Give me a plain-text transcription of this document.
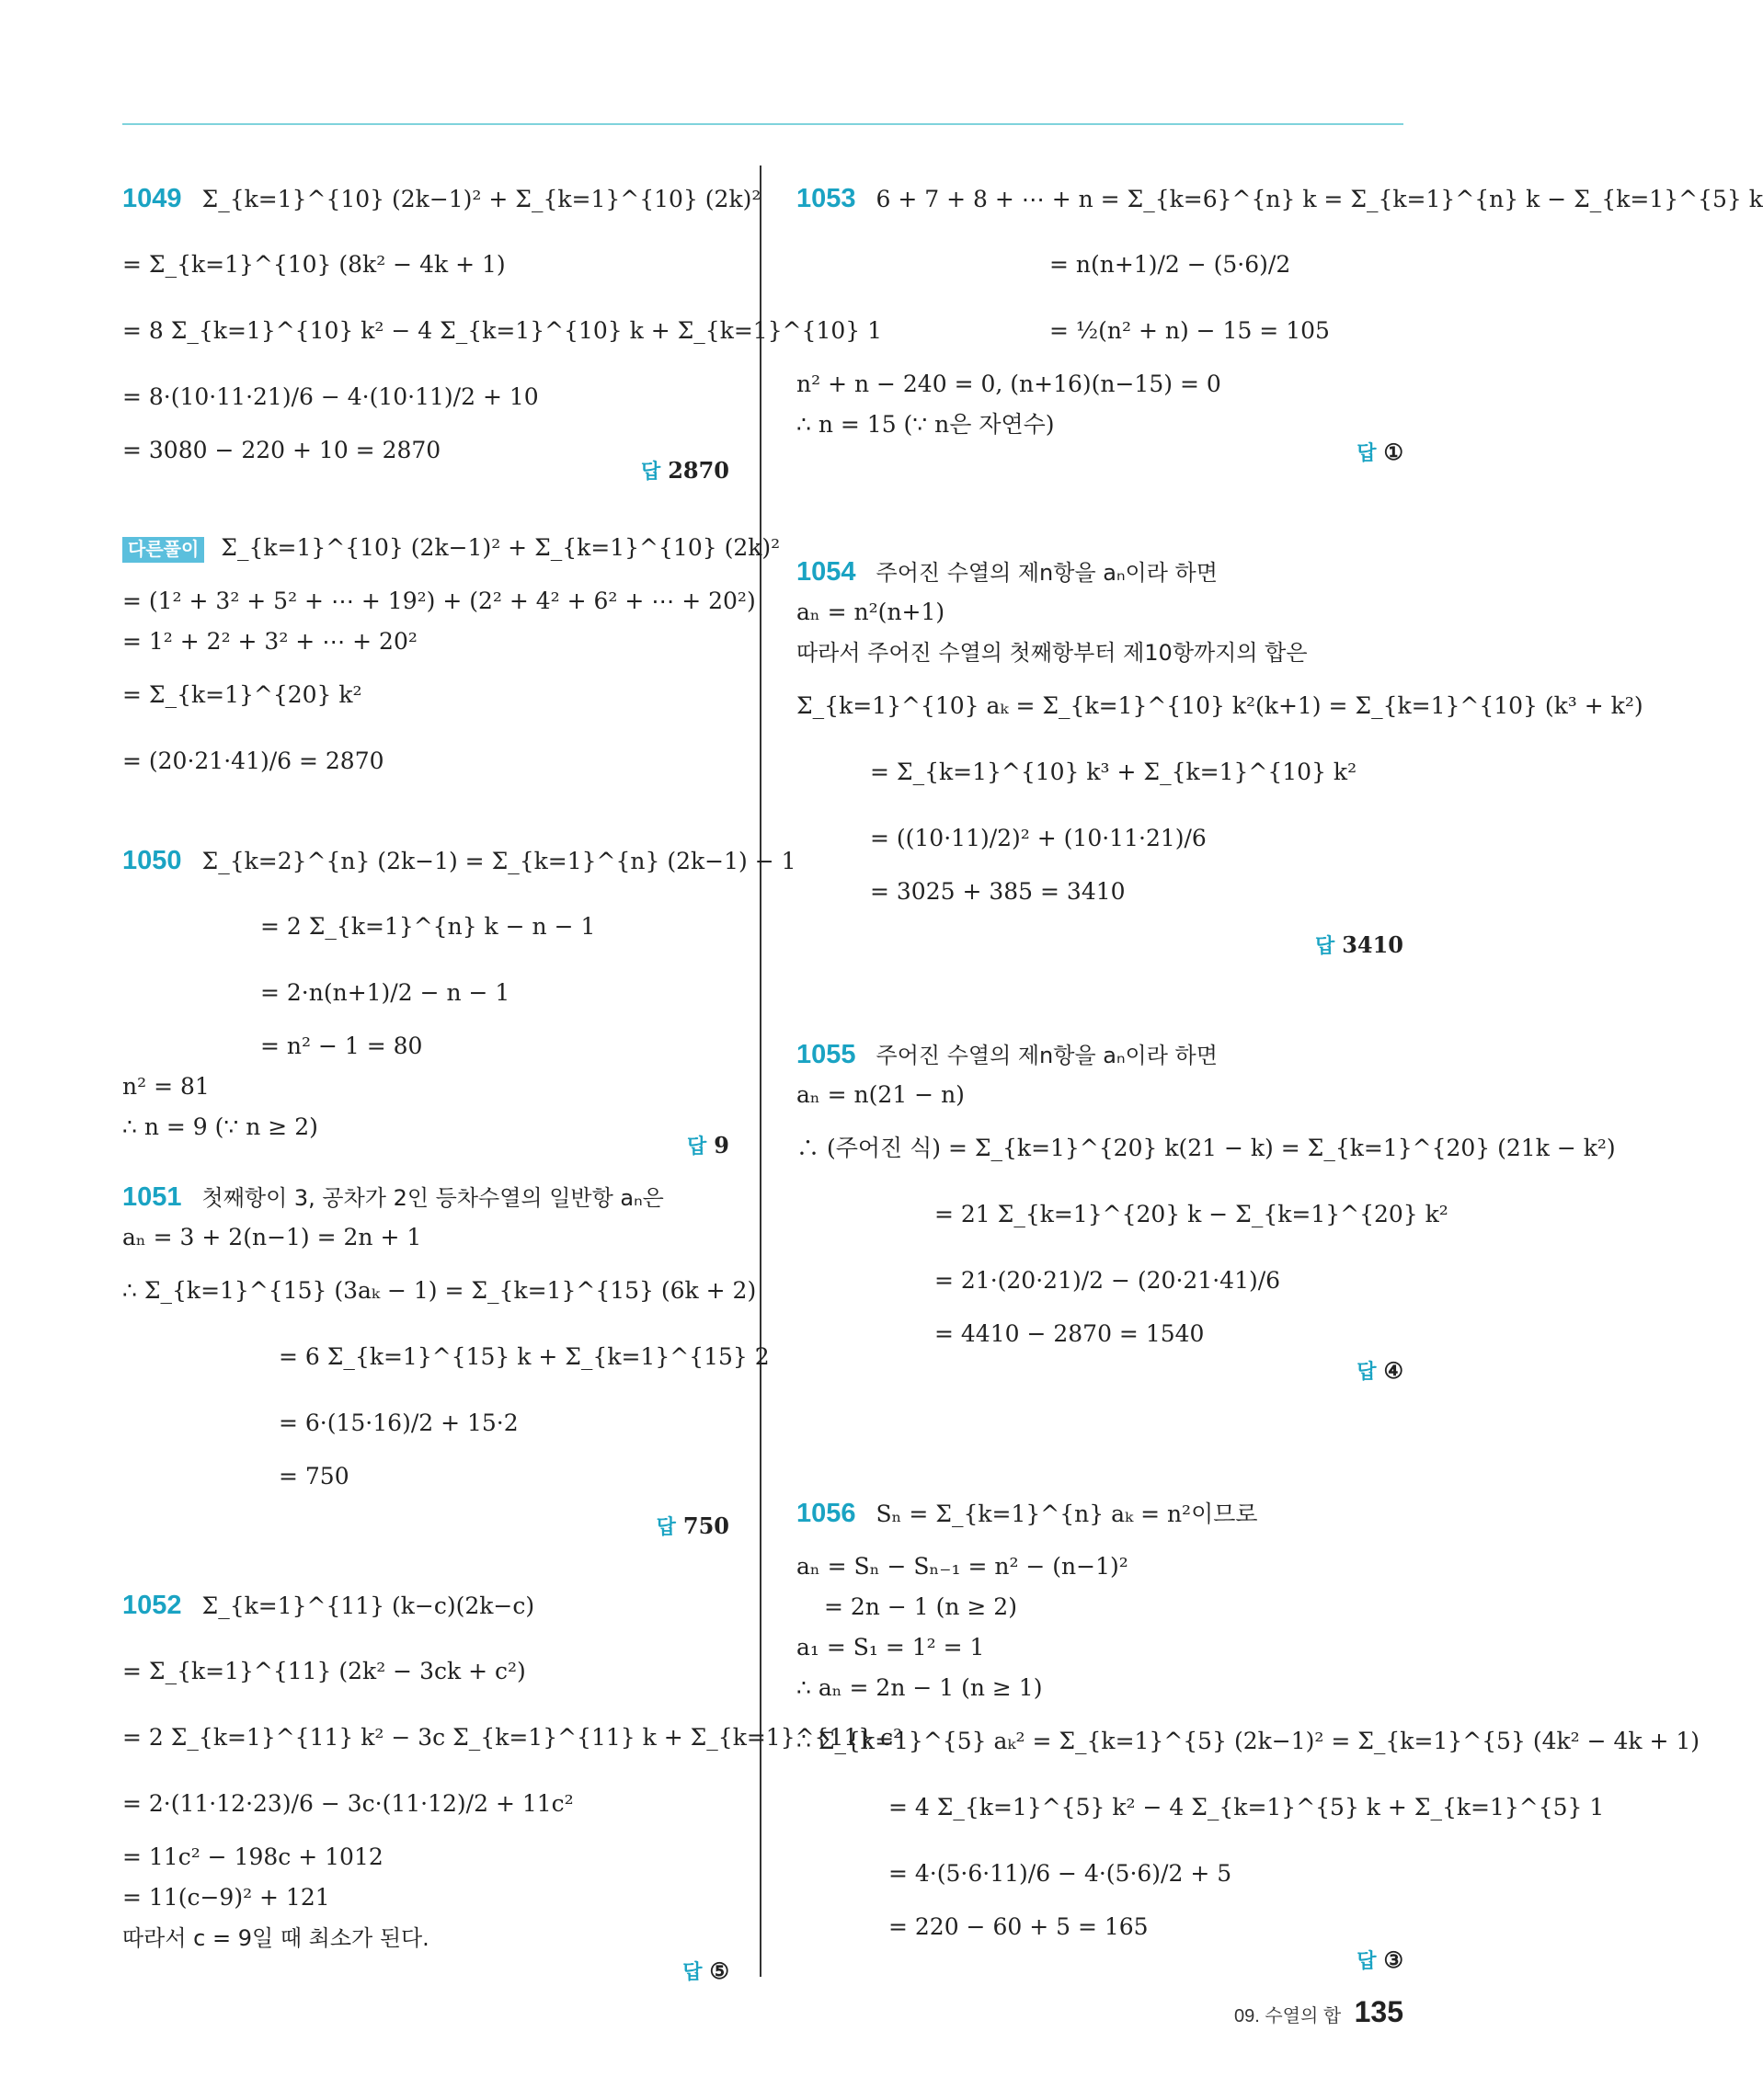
1049 Σ_{k=1}^{10} (2k−1)² + Σ_{k=1}^{10} (2k)²
= Σ_{k=1}^{10} (8k² − 4k + 1)
= 8 Σ_{k=1}^{10} k² − 4 Σ_{k=1}^{10} k + Σ_{k=1}^{10} 1
= 8·(10·11·21)/6 − 4·(10·11)/2 + 10
= 3080 − 220 + 10 = 2870
답 2870
다른풀이 Σ_{k=1}^{10} (2k−1)² + Σ_{k=1}^{10} (2k)²
= (1² + 3² + 5² + ⋯ + 19²) + (2² + 4² + 6² + ⋯ + 20²)
= 1² + 2² + 3² + ⋯ + 20²
= Σ_{k=1}^{20} k²
= (20·21·41)/6 = 2870
1050 Σ_{k=2}^{n} (2k−1) = Σ_{k=1}^{n} (2k−1) − 1
= 2 Σ_{k=1}^{n} k − n − 1
= 2·n(n+1)/2 − n − 1
= n² − 1 = 80
n² = 81
∴ n = 9 (∵ n ≥ 2)
답 9
1051 첫째항이 3, 공차가 2인 등차수열의 일반항 aₙ은
aₙ = 3 + 2(n−1) = 2n + 1
∴ Σ_{k=1}^{15} (3aₖ − 1) = Σ_{k=1}^{15} (6k + 2)
= 6 Σ_{k=1}^{15} k + Σ_{k=1}^{15} 2
= 6·(15·16)/2 + 15·2
= 750
답 750
1052 Σ_{k=1}^{11} (k−c)(2k−c)
= Σ_{k=1}^{11} (2k² − 3ck + c²)
= 2 Σ_{k=1}^{11} k² − 3c Σ_{k=1}^{11} k + Σ_{k=1}^{11} c²
= 2·(11·12·23)/6 − 3c·(11·12)/2 + 11c²
= 11c² − 198c + 1012
= 11(c−9)² + 121
따라서 c = 9일 때 최소가 된다.
답 ⑤
1053 6 + 7 + 8 + ⋯ + n = Σ_{k=6}^{n} k = Σ_{k=1}^{n} k − Σ_{k=1}^{5} k
= n(n+1)/2 − (5·6)/2
= ½(n² + n) − 15 = 105
n² + n − 240 = 0, (n+16)(n−15) = 0
∴ n = 15 (∵ n은 자연수)
답 ①
1054 주어진 수열의 제n항을 aₙ이라 하면
aₙ = n²(n+1)
따라서 주어진 수열의 첫째항부터 제10항까지의 합은
Σ_{k=1}^{10} aₖ = Σ_{k=1}^{10} k²(k+1) = Σ_{k=1}^{10} (k³ + k²)
= Σ_{k=1}^{10} k³ + Σ_{k=1}^{10} k²
= ((10·11)/2)² + (10·11·21)/6
= 3025 + 385 = 3410
답 3410
1055 주어진 수열의 제n항을 aₙ이라 하면
aₙ = n(21 − n)
∴ (주어진 식) = Σ_{k=1}^{20} k(21 − k) = Σ_{k=1}^{20} (21k − k²)
= 21 Σ_{k=1}^{20} k − Σ_{k=1}^{20} k²
= 21·(20·21)/2 − (20·21·41)/6
= 4410 − 2870 = 1540
답 ④
1056 Sₙ = Σ_{k=1}^{n} aₖ = n²이므로
aₙ = Sₙ − Sₙ₋₁ = n² − (n−1)²
= 2n − 1 (n ≥ 2)
a₁ = S₁ = 1² = 1
∴ aₙ = 2n − 1 (n ≥ 1)
∴ Σ_{k=1}^{5} aₖ² = Σ_{k=1}^{5} (2k−1)² = Σ_{k=1}^{5} (4k² − 4k + 1)
= 4 Σ_{k=1}^{5} k² − 4 Σ_{k=1}^{5} k + Σ_{k=1}^{5} 1
= 4·(5·6·11)/6 − 4·(5·6)/2 + 5
= 220 − 60 + 5 = 165
답 ③
09. 수열의 합 135
